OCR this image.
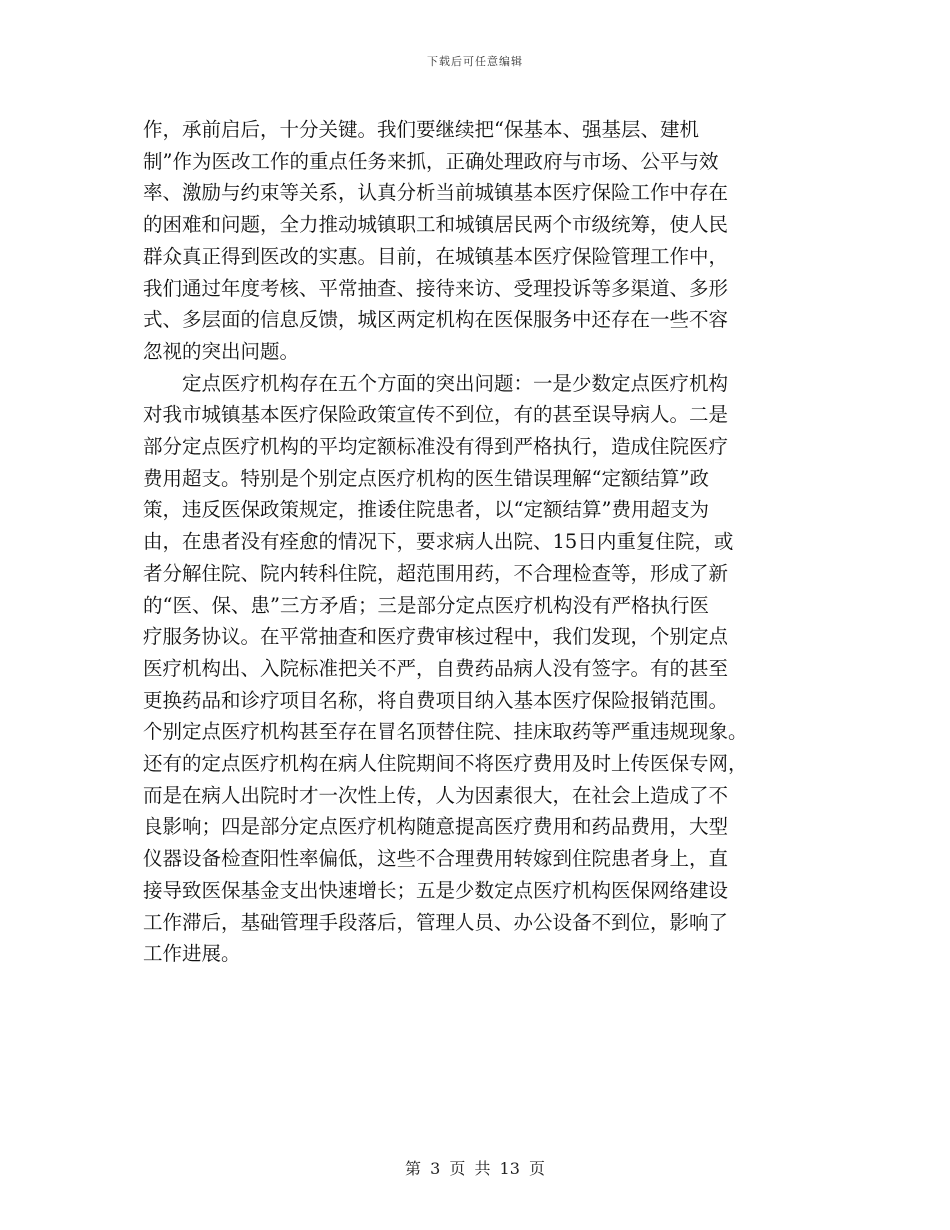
下载后可任意编辑

作，承前启后，十分关键。我们要继续把“保基本、强基层、建机
制”作为医改工作的重点任务来抓，正确处理政府与市场、公平与效
率、激励与约束等关系，认真分析当前城镇基本医疗保险工作中存在
的困难和问题，全力推动城镇职工和城镇居民两个市级统筹，使人民
群众真正得到医改的实惠。目前，在城镇基本医疗保险管理工作中，
我们通过年度考核、平常抽查、接待来访、受理投诉等多渠道、多形
式、多层面的信息反馈，城区两定机构在医保服务中还存在一些不容
忽视的突出问题。

　　定点医疗机构存在五个方面的突出问题：一是少数定点医疗机构
对我市城镇基本医疗保险政策宣传不到位，有的甚至误导病人。二是
部分定点医疗机构的平均定额标准没有得到严格执行，造成住院医疗
费用超支。特别是个别定点医疗机构的医生错误理解“定额结算”政
策，违反医保政策规定，推诿住院患者，以“定额结算”费用超支为
由，在患者没有痊愈的情况下，要求病人出院、15日内重复住院，或
者分解住院、院内转科住院，超范围用药，不合理检查等，形成了新
的“医、保、患”三方矛盾；三是部分定点医疗机构没有严格执行医
疗服务协议。在平常抽查和医疗费审核过程中，我们发现，个别定点
医疗机构出、入院标准把关不严，自费药品病人没有签字。有的甚至
更换药品和诊疗项目名称，将自费项目纳入基本医疗保险报销范围。
个别定点医疗机构甚至存在冒名顶替住院、挂床取药等严重违规现象。
还有的定点医疗机构在病人住院期间不将医疗费用及时上传医保专网，
而是在病人出院时才一次性上传，人为因素很大，在社会上造成了不
良影响；四是部分定点医疗机构随意提高医疗费用和药品费用，大型
仪器设备检查阳性率偏低，这些不合理费用转嫁到住院患者身上，直
接导致医保基金支出快速增长；五是少数定点医疗机构医保网络建设
工作滞后，基础管理手段落后，管理人员、办公设备不到位，影响了
工作进展。

第 3 页 共 13 页
